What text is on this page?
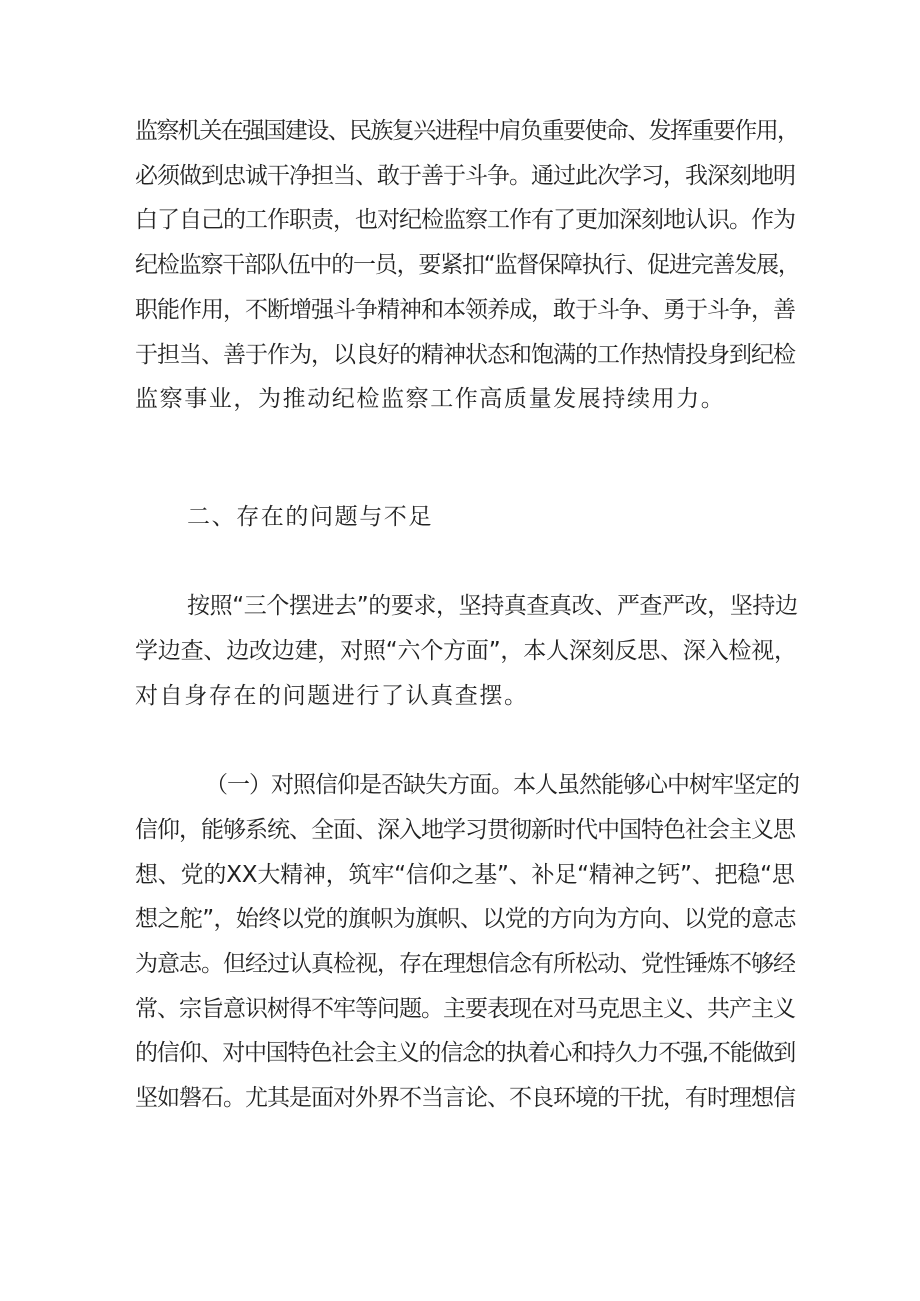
监察机关在强国建设、民族复兴进程中肩负重要使命、发挥重要作用，
必须做到忠诚干净担当、敢于善于斗争。通过此次学习，我深刻地明
白了自己的工作职责，也对纪检监察工作有了更加深刻地认识。作为
纪检监察干部队伍中的一员，要紧扣“监督保障执行、促进完善发展，
职能作用，不断增强斗争精神和本领养成，敢于斗争、勇于斗争，善
于担当、善于作为，以良好的精神状态和饱满的工作热情投身到纪检
监察事业，为推动纪检监察工作高质量发展持续用力。
二、存在的问题与不足
按照“三个摆进去”的要求，坚持真查真改、严查严改，坚持边
学边查、边改边建，对照“六个方面”，本人深刻反思、深入检视，
对自身存在的问题进行了认真查摆。
（一）对照信仰是否缺失方面。本人虽然能够心中树牢坚定的
信仰，能够系统、全面、深入地学习贯彻新时代中国特色社会主义思
想、党的XX大精神，筑牢“信仰之基”、补足“精神之钙”、把稳“思
想之舵”，始终以党的旗帜为旗帜、以党的方向为方向、以党的意志
为意志。但经过认真检视，存在理想信念有所松动、党性锤炼不够经
常、宗旨意识树得不牢等问题。主要表现在对马克思主义、共产主义
的信仰、对中国特色社会主义的信念的执着心和持久力不强,不能做到
坚如磐石。尤其是面对外界不当言论、不良环境的干扰，有时理想信
